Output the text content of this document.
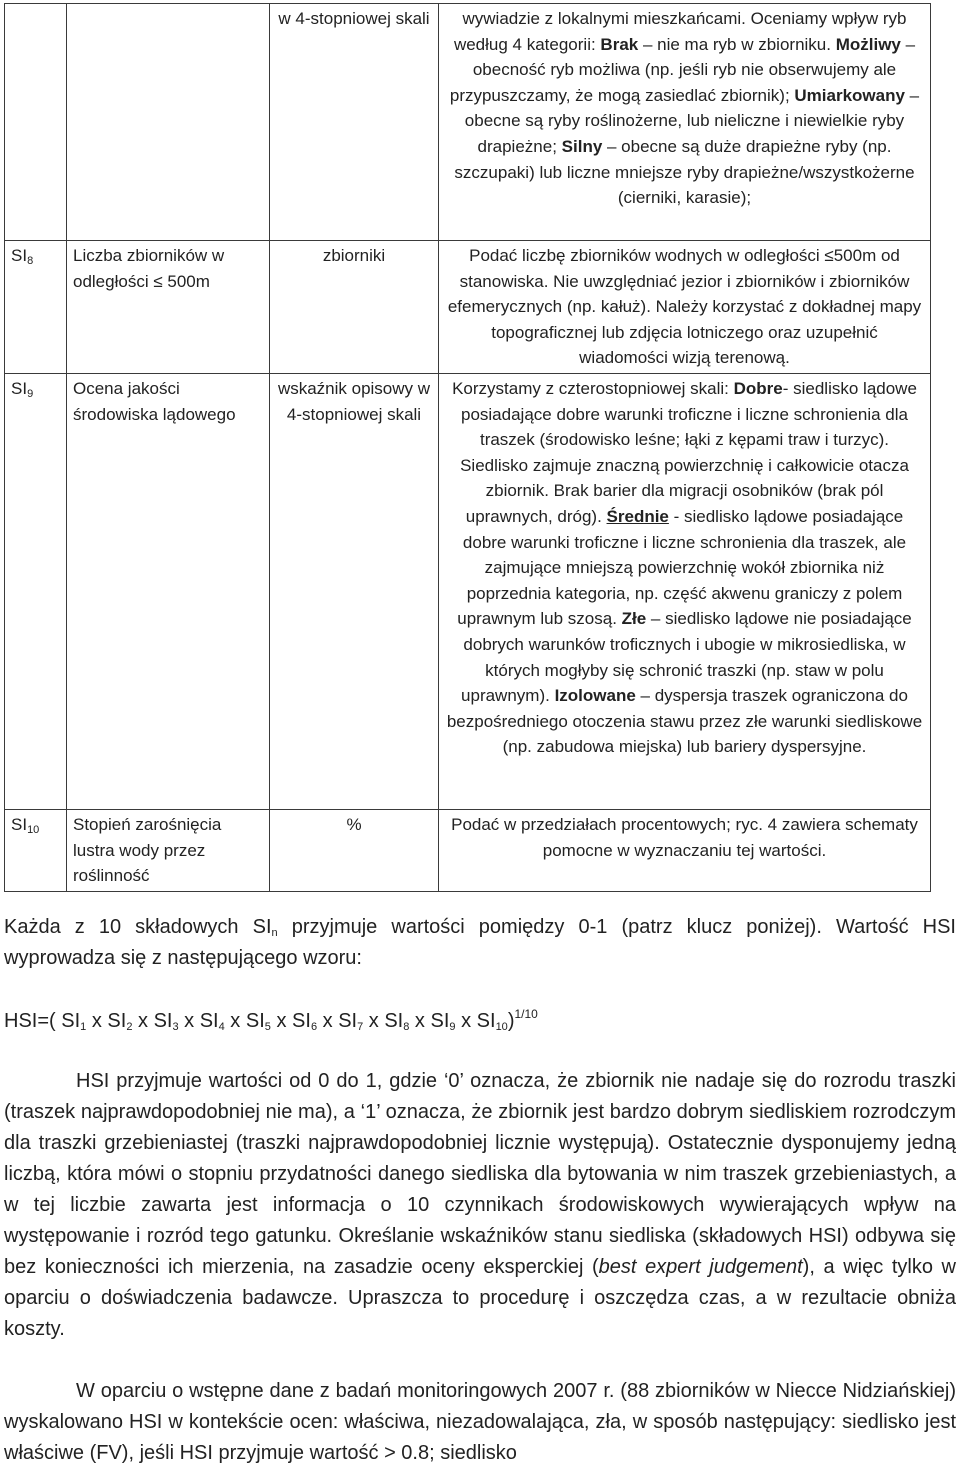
		w 4-stopniowej skali	wywiadzie z lokalnymi mieszkańcami. Oceniamy wpływ ryb według 4 kategorii: Brak – nie ma ryb w zbiorniku. Możliwy – obecność ryb możliwa (np. jeśli ryb nie obserwujemy ale przypuszczamy, że mogą zasiedlać zbiornik); Umiarkowany – obecne są ryby roślinożerne, lub nieliczne i niewielkie ryby drapieżne; Silny – obecne są duże drapieżne ryby (np. szczupaki) lub liczne mniejsze ryby drapieżne/wszystkożerne (cierniki, karasie);
$SI_8$	Liczba zbiorników w odległości ≤ 500m	zbiorniki	Podać liczbę zbiorników wodnych w odległości ≤500m od stanowiska. Nie uwzględniać jezior i zbiorników i zbiorników efemerycznych (np. kałuż). Należy korzystać z dokładnej mapy topograficznej lub zdjęcia lotniczego oraz uzupełnić wiadomości wizją terenową.
$SI_9$	Ocena jakości środowiska lądowego	wskaźnik opisowy w 4-stopniowej skali	Korzystamy z czterostopniowej skali: Dobre- siedlisko lądowe posiadające dobre warunki troficzne i liczne schronienia dla traszek (środowisko leśne; łąki z kępami traw i turzyc). Siedlisko zajmuje znaczną powierzchnię i całkowicie otacza zbiornik. Brak barier dla migracji osobników (brak pól uprawnych, dróg). Średnie - siedlisko lądowe posiadające dobre warunki troficzne i liczne schronienia dla traszek, ale zajmujące mniejszą powierzchnię wokół zbiornika niż poprzednia kategoria, np. część akwenu graniczy z polem uprawnym lub szosą. Złe – siedlisko lądowe nie posiadające dobrych warunków troficznych i ubogie w mikrosiedliska, w których mogłyby się schronić traszki (np. staw w polu uprawnym). Izolowane – dyspersja traszek ograniczona do bezpośredniego otoczenia stawu przez złe warunki siedliskowe (np. zabudowa miejska) lub bariery dyspersyjne.
$SI_{10}$	Stopień zarośnięcia lustra wody przez roślinność	%	Podać w przedziałach procentowych; ryc. 4 zawiera schematy pomocne w wyznaczaniu tej wartości.
Każda z 10 składowych $SI_n$ przyjmuje wartości pomiędzy 0-1 (patrz klucz poniżej). Wartość HSI wyprowadza się z następującego wzoru:
HSI=( $SI_1$ x $SI_2$ x $SI_3$ x $SI_4$ x $SI_5$ x $SI_6$ x $SI_7$ x $SI_8$ x $SI_9$ x $SI_{10})^{1/10}$
HSI przyjmuje wartości od 0 do 1, gdzie ‘0’ oznacza, że zbiornik nie nadaje się do rozrodu traszki (traszek najprawdopodobniej nie ma), a ‘1’ oznacza, że zbiornik jest bardzo dobrym siedliskiem rozrodczym dla traszki grzebieniastej (traszki najprawdopodobniej licznie występują). Ostatecznie dysponujemy jedną liczbą, która mówi o stopniu przydatności danego siedliska dla bytowania w nim traszek grzebieniastych, a w tej liczbie zawarta jest informacja o 10 czynnikach środowiskowych wywierających wpływ na występowanie i rozród tego gatunku. Określanie wskaźników stanu siedliska (składowych HSI) odbywa się bez konieczności ich mierzenia, na zasadzie oceny eksperckiej (best expert judgement), a więc tylko w oparciu o doświadczenia badawcze. Upraszcza to procedurę i oszczędza czas, a w rezultacie obniża koszty.
W oparciu o wstępne dane z badań monitoringowych 2007 r. (88 zbiorników w Niecce Nidziańskiej) wyskalowano HSI w kontekście ocen: właściwa, niezadowalająca, zła, w sposób następujący: siedlisko jest właściwe (FV), jeśli HSI przyjmuje wartość > 0.8; siedlisko
